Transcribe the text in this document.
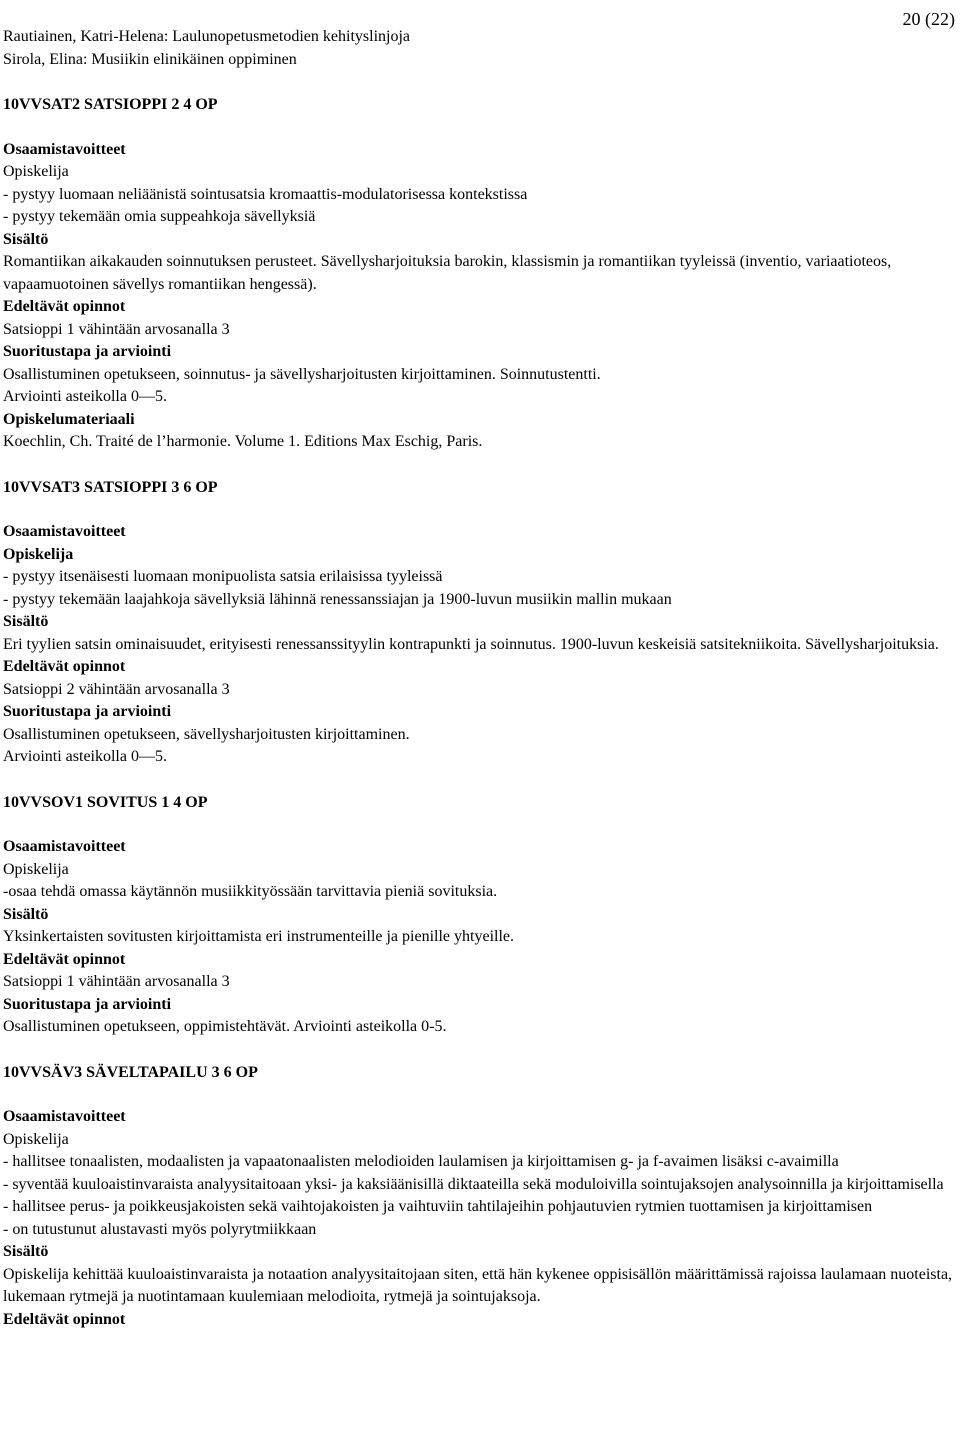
Rautiainen, Katri-Helena: Laulunopetusmetodien kehityslinjoja
Sirola, Elina: Musiikin elinikäinen oppiminen
20 (22)
10VVSAT2 SATSIOPPI 2 4 OP
Osaamistavoitteet
Opiskelija
- pystyy luomaan neliäänistä sointusatsia kromaattis-modulatorisessa kontekstissa
- pystyy tekemään omia suppeahkoja sävellyksiä
Sisältö
Romantiikan aikakauden soinnutuksen perusteet. Sävellysharjoituksia barokin, klassismin ja romantiikan tyyleissä (inventio, variaatioteos, vapaamuotoinen sävellys romantiikan hengessä).
Edeltävät opinnot
Satsioppi 1 vähintään arvosanalla 3
Suoritustapa ja arviointi
Osallistuminen opetukseen, soinnutus- ja sävellysharjoitusten kirjoittaminen. Soinnutustentti.
Arviointi asteikolla 0—5.
Opiskelumateriaali
Koechlin, Ch. Traité de l’harmonie. Volume 1. Editions Max Eschig, Paris.
10VVSAT3 SATSIOPPI 3 6 OP
Osaamistavoitteet
Opiskelija
- pystyy itsenäisesti luomaan monipuolista satsia erilaisissa tyyleissä
- pystyy tekemään laajahkoja sävellyksiä lähinnä renessanssiajan ja 1900-luvun musiikin mallin mukaan
Sisältö
Eri tyylien satsin ominaisuudet, erityisesti renessanssityylin kontrapunkti ja soinnutus. 1900-luvun keskeisiä satsitekniikoita. Sävellysharjoituksia.
Edeltävät opinnot
Satsioppi 2 vähintään arvosanalla 3
Suoritustapa ja arviointi
Osallistuminen opetukseen, sävellysharjoitusten kirjoittaminen.
Arviointi asteikolla 0—5.
10VVSOV1 SOVITUS 1 4 OP
Osaamistavoitteet
Opiskelija
-osaa tehdä omassa käytännön musiikkityössään tarvittavia pieniä sovituksia.
Sisältö
Yksinkertaisten sovitusten kirjoittamista eri instrumenteille ja pienille yhtyeille.
Edeltävät opinnot
Satsioppi 1 vähintään arvosanalla 3
Suoritustapa ja arviointi
Osallistuminen opetukseen, oppimistehtävät. Arviointi asteikolla 0-5.
10VVSÄV3 SÄVELTAPAILU 3 6 OP
Osaamistavoitteet
Opiskelija
- hallitsee tonaalisten, modaalisten ja vapaatonaalisten melodioiden laulamisen ja kirjoittamisen g- ja f-avaimen lisäksi c-avaimilla
- syventää kuuloaistinvaraista analyysitaitoaan yksi- ja kaksiäänisillä diktaateilla sekä moduloivilla sointujaksojen analysoinnilla ja kirjoittamisella
- hallitsee perus- ja poikkeusjakoisten sekä vaihtojakoisten ja vaihtuviin tahtilajeihin pohjautuvien rytmien tuottamisen ja kirjoittamisen
- on tutustunut alustavasti myös polyrytmiikkaan
Sisältö
Opiskelija kehittää kuuloaistinvaraista ja notaation analyysitaitojaan siten, että hän kykenee oppisisällön määrittämissä rajoissa laulamaan nuoteista, lukemaan rytmejä ja nuotintamaan kuulemiaan melodioita, rytmejä ja sointujaksoja.
Edeltävät opinnot
